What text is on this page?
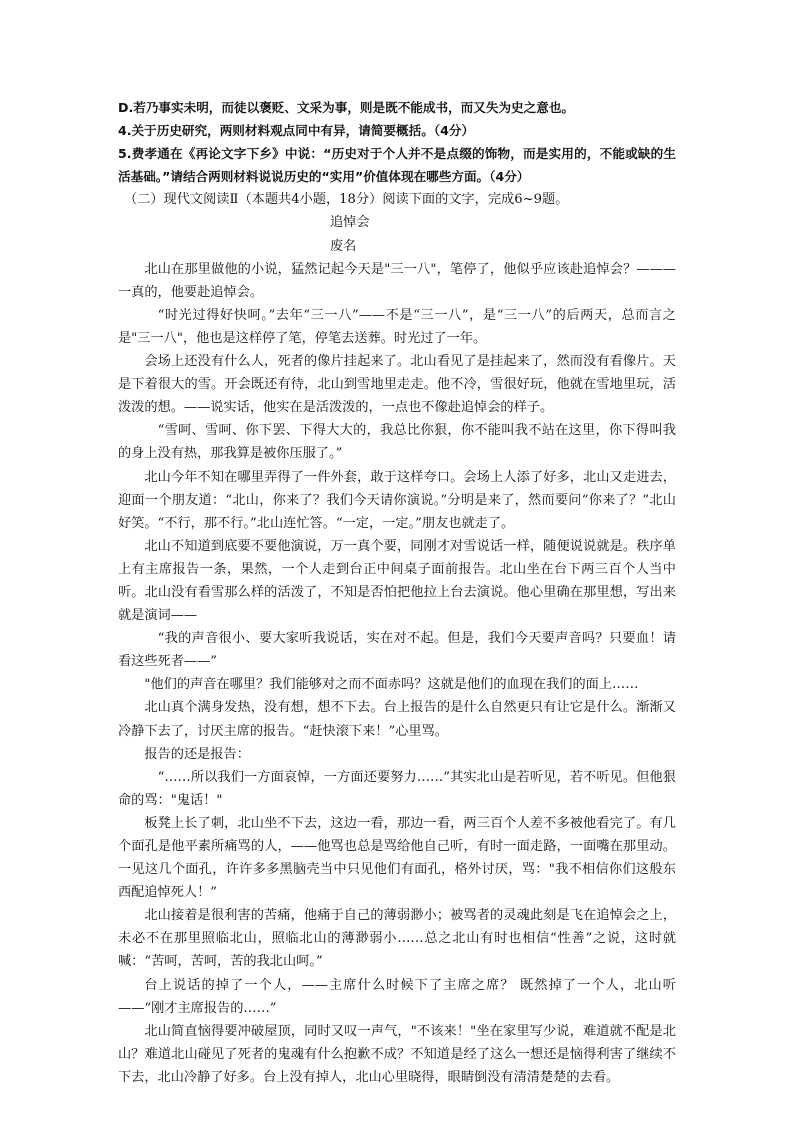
D.若乃事实未明，而徒以褒贬、文采为事，则是既不能成书，而又失为史之意也。

4.关于历史研究，两则材料观点同中有异，请简要概括。（4分）

5.费孝通在《再论文字下乡》中说：“历史对于个人并不是点缀的饰物，而是实用的，不能或缺的生活基础。”请结合两则材料说说历史的“实用”价值体现在哪些方面。（4分）

（二）现代文阅读Ⅱ（本题共4小题，18分）阅读下面的文字，完成6~9题。

追悼会

废名

北山在那里做他的小说，猛然记起今天是"三一八"，笔停了，他似乎应该赴追悼会？———一真的，他要赴追悼会。

“时光过得好快呵。”去年“三一八”——不是“三一八”，是“三一八”的后两天，总而言之是"三一八"，他也是这样停了笔，停笔去送葬。时光过了一年。

会场上还没有什么人，死者的像片挂起来了。北山看见了是挂起来了，然而没有看像片。天是下着很大的雪。开会既还有待，北山到雪地里走走。他不冷，雪很好玩，他就在雪地里玩，活泼泼的想。——说实话，他实在是活泼泼的，一点也不像赴追悼会的样子。

“雪呵、雪呵、你下罢、下得大大的，我总比你狠，你不能叫我不站在这里，你下得叫我的身上没有热，那我算是被你压服了。”

北山今年不知在哪里弄得了一件外套，敢于这样夸口。会场上人添了好多，北山又走进去，迎面一个朋友道：“北山，你来了？我们今天请你演说。”分明是来了，然而要问“你来了？”北山好笑。“不行，那不行。”北山连忙答。“一定，一定。”朋友也就走了。

北山不知道到底要不要他演说，万一真个要，同刚才对雪说话一样，随便说说就是。秩序单上有主席报告一条，果然，一个人走到台正中间桌子面前报告。北山坐在台下两三百个人当中听。北山没有看雪那么样的活泼了，不知是否怕把他拉上台去演说。他心里确在那里想，写出来就是演词——

“我的声音很小、要大家听我说话，实在对不起。但是，我们今天要声音吗？只要血！请看这些死者——”

"他们的声音在哪里？我们能够对之而不面赤吗？这就是他们的血现在我们的面上……

北山真个满身发热，没有想，想不下去。台上报告的是什么自然更只有让它是什么。渐渐又冷静下去了，讨厌主席的报告。“赶快滚下来！”心里骂。

报告的还是报告：

“……所以我们一方面哀悼，一方面还要努力……”其实北山是若听见，若不听见。但他狠命的骂："鬼话！"

板凳上长了刺，北山坐不下去，这边一看，那边一看，两三百个人差不多被他看完了。有几个面孔是他平素所痛骂的人，——他骂也总是骂给他自己听，有时一面走路，一面嘴在那里动。一见这几个面孔，许许多多黑脑壳当中只见他们有面孔，格外讨厌，骂："我不相信你们这般东西配追悼死人！”

北山接着是很利害的苦痛，他痛于自己的薄弱渺小；被骂者的灵魂此刻是飞在追悼会之上，未必不在那里照临北山，照临北山的薄渺弱小……总之北山有时也相信“性善”之说，这时就喊：“苦呵，苦呵，苦的我北山呵。”

台上说话的掉了一个人，——主席什么时候下了主席之席？ 既然掉了一个人，北山听——“刚才主席报告的……”

北山简直恼得要冲破屋顶，同时又叹一声气，"不该来！"坐在家里写少说，难道就不配是北山？难道北山碰见了死者的鬼魂有什么抱歉不成？不知道是经了这么一想还是恼得利害了继续不下去，北山冷静了好多。台上没有掉人，北山心里晓得，眼睛倒没有清清楚楚的去看。
